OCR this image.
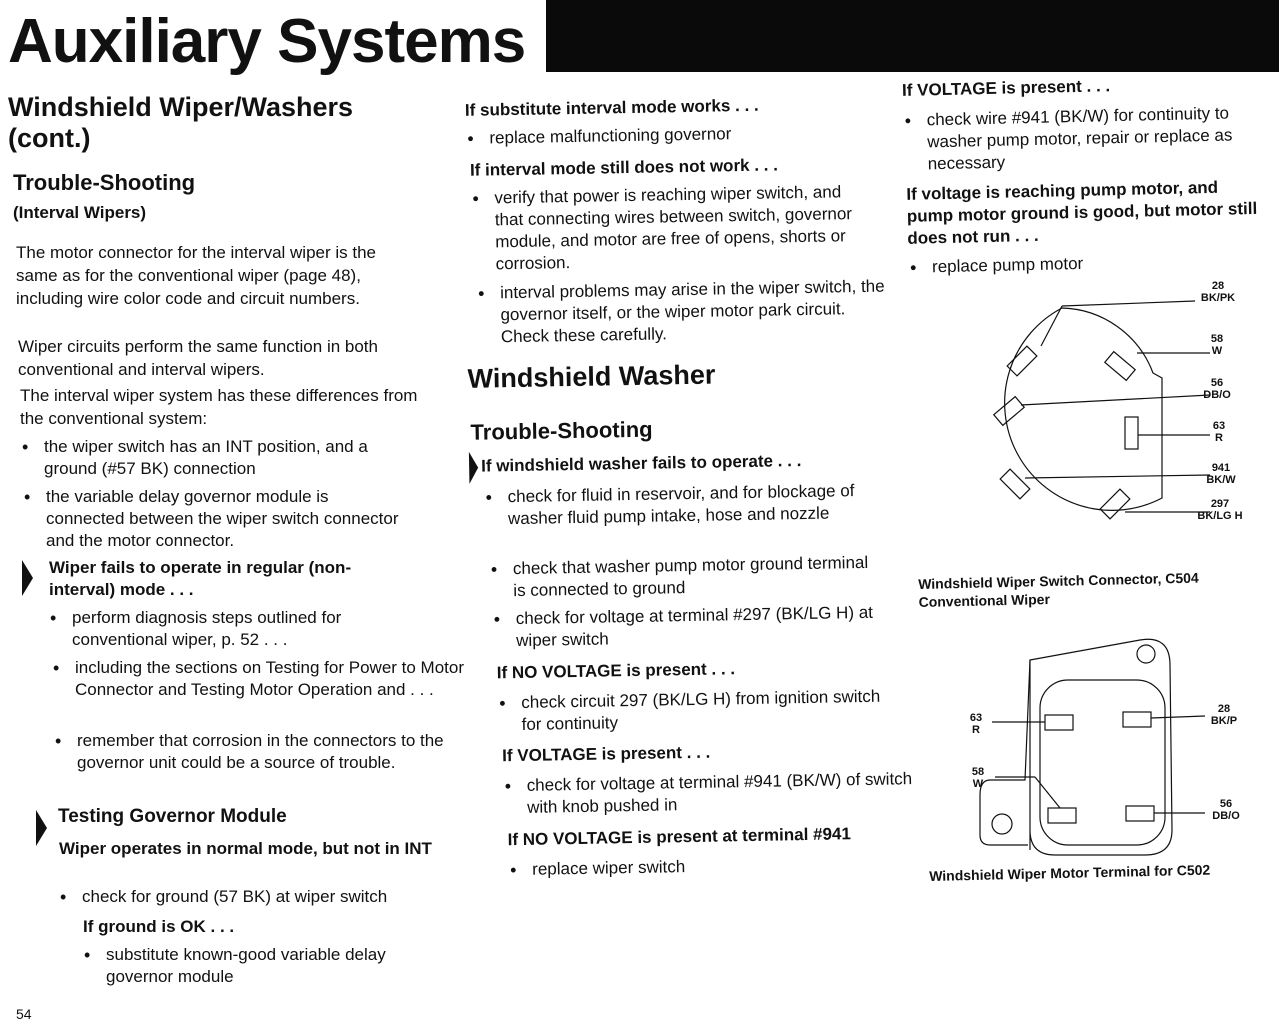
Auxiliary Systems
Windshield Wiper/Washers (cont.)
Trouble-Shooting
(Interval Wipers)

The motor connector for the interval wiper is the same as for the conventional wiper (page 48), including wire color code and circuit numbers.

Wiper circuits perform the same function in both conventional and interval wipers.

The interval wiper system has these differences from the conventional system:

• the wiper switch has an INT position, and a ground (#57 BK) connection
• the variable delay governor module is connected between the wiper switch connector and the motor connector.
Wiper fails to operate in regular (non-interval) mode . . .
• perform diagnosis steps outlined for conventional wiper, p. 52 . . .
• including the sections on Testing for Power to Motor Connector and Testing Motor Operation and . . .
• remember that corrosion in the connectors to the governor unit could be a source of trouble.
Testing Governor Module
Wiper operates in normal mode, but not in INT
• check for ground (57 BK) at wiper switch
If ground is OK . . .
• substitute known-good variable delay governor module
If substitute interval mode works . . .
• replace malfunctioning governor
If interval mode still does not work . . .
• verify that power is reaching wiper switch, and that connecting wires between switch, governor module, and motor are free of opens, shorts or corrosion.
• interval problems may arise in the wiper switch, the governor itself, or the wiper motor park circuit. Check these carefully.
Windshield Washer
Trouble-Shooting
If windshield washer fails to operate . . .
• check for fluid in reservoir, and for blockage of washer fluid pump intake, hose and nozzle
• check that washer pump motor ground terminal is connected to ground
• check for voltage at terminal #297 (BK/LG H) at wiper switch
If NO VOLTAGE is present . . .
• check circuit 297 (BK/LG H) from ignition switch for continuity
If VOLTAGE is present . . .
• check for voltage at terminal #941 (BK/W) of switch with knob pushed in
If NO VOLTAGE is present at terminal #941
• replace wiper switch
If VOLTAGE is present . . .
• check wire #941 (BK/W) for continuity to washer pump motor, repair or replace as necessary
If voltage is reaching pump motor, and pump motor ground is good, but motor still does not run . . .
• replace pump motor
28
BK/PK
58
W
56
DB/O
63
R
941
BK/W
297
BK/LG H
Windshield Wiper Switch Connector, C504
Conventional Wiper
63
R
58
W
28
BK/P
56
DB/O
Windshield Wiper Motor Terminal for C502
54
